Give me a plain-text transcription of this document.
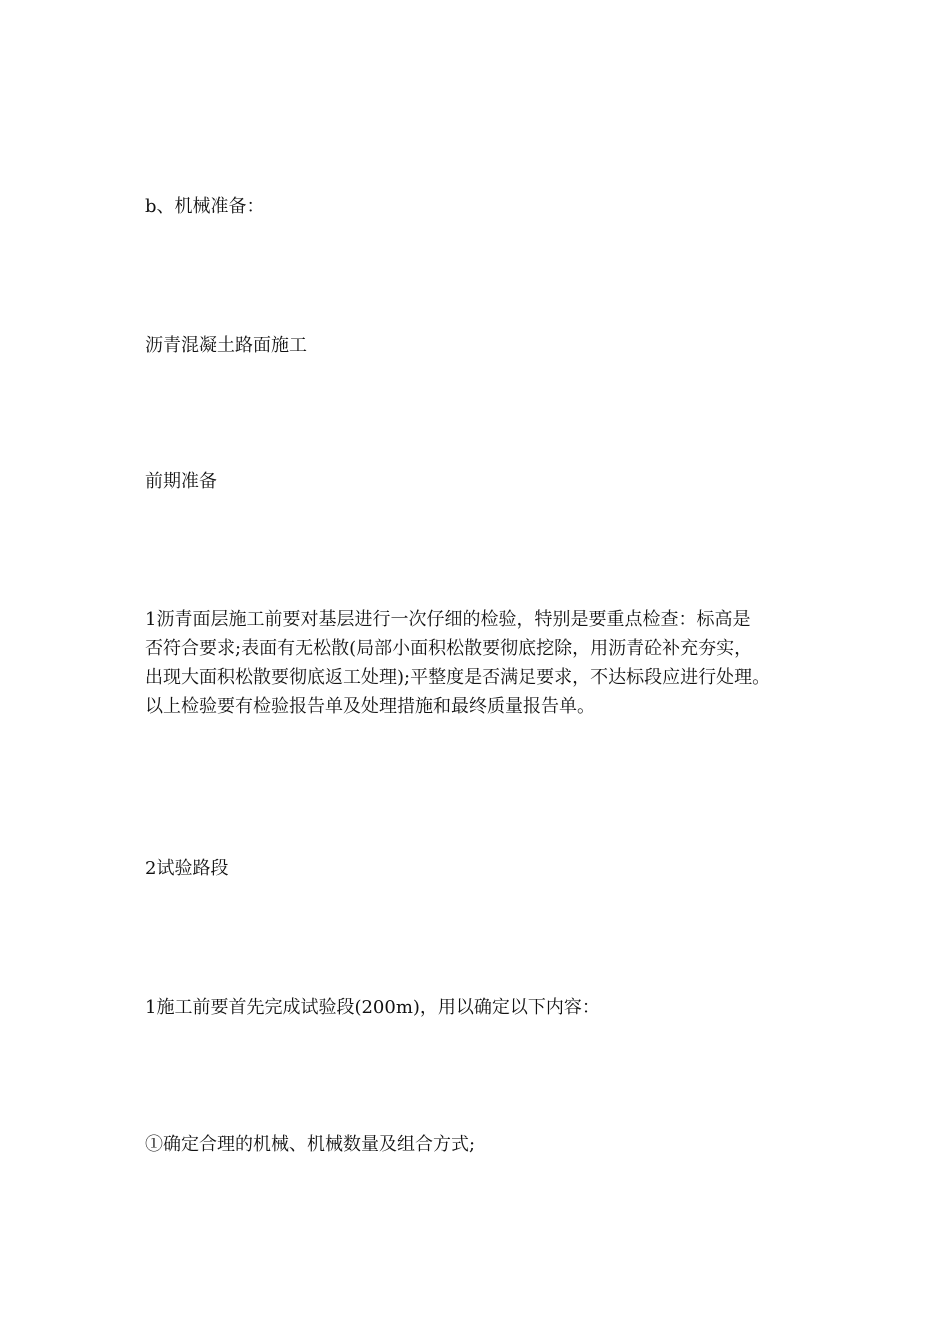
b、机械准备：

沥青混凝土路面施工

前期准备

1沥青面层施工前要对基层进行一次仔细的检验，特别是要重点检查：标高是
否符合要求;表面有无松散(局部小面积松散要彻底挖除，用沥青砼补充夯实，
出现大面积松散要彻底返工处理);平整度是否满足要求，不达标段应进行处理。
以上检验要有检验报告单及处理措施和最终质量报告单。

2试验路段

1施工前要首先完成试验段(200m)，用以确定以下内容：

①确定合理的机械、机械数量及组合方式;
